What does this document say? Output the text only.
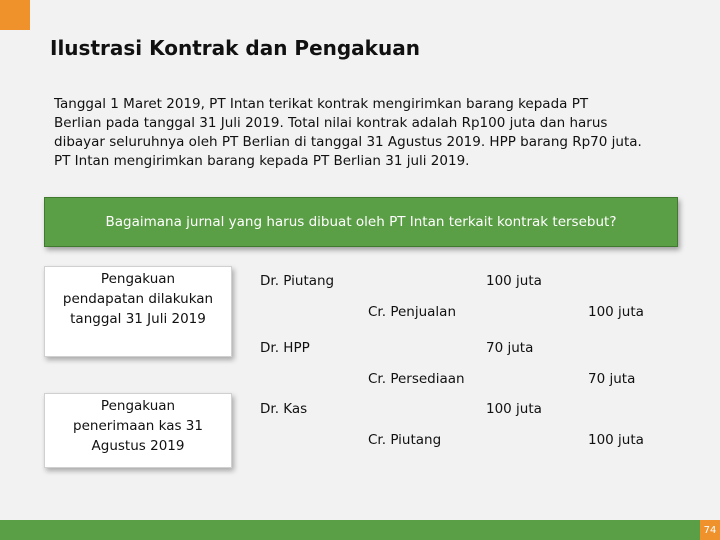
Ilustrasi Kontrak dan Pengakuan
Tanggal 1 Maret 2019, PT Intan terikat kontrak mengirimkan barang kepada PT
Berlian pada tanggal 31 Juli 2019. Total nilai kontrak adalah Rp100 juta dan harus
dibayar seluruhnya oleh PT Berlian di tanggal 31 Agustus 2019. HPP barang Rp70 juta.
PT Intan mengirimkan barang kepada PT Berlian 31 juli 2019.
Bagaimana jurnal yang harus dibuat oleh PT Intan terkait kontrak tersebut?
Pengakuan
pendapatan dilakukan
tanggal 31 Juli 2019
Pengakuan
penerimaan kas 31
Agustus 2019
Dr. Piutang	100 juta
Cr. Penjualan	100 juta
Dr. HPP	70 juta
Cr. Persediaan	70 juta
Dr. Kas	100 juta
Cr. Piutang	100 juta
74
